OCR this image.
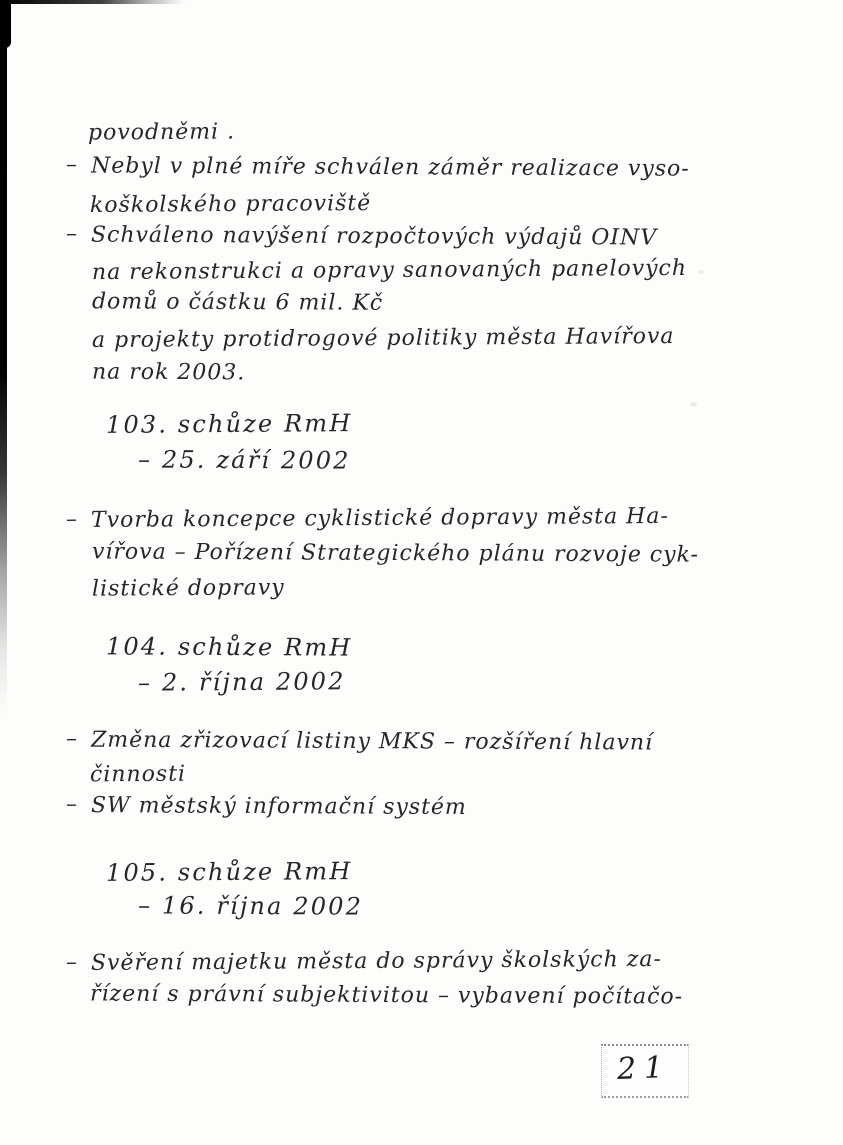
povodněmi .
– Nebyl v plné míře schválen záměr realizace vyso-
koškolského pracoviště
– Schváleno navýšení rozpočtových výdajů OINV
na rekonstrukci a opravy sanovaných panelových
domů o částku 6 mil. Kč
a projekty protidrogové politiky města Havířova
na rok 2003.
103. schůze RmH
– 25. září 2002
– Tvorba koncepce cyklistické dopravy města Ha-
vířova – Pořízení Strategického plánu rozvoje cyk-
listické dopravy
104. schůze RmH
– 2. října 2002
– Změna zřizovací listiny MKS – rozšíření hlavní
činnosti
– SW městský informační systém
105. schůze RmH
– 16. října 2002
– Svěření majetku města do správy školských za-
řízení s právní subjektivitou – vybavení počítačo-
21
